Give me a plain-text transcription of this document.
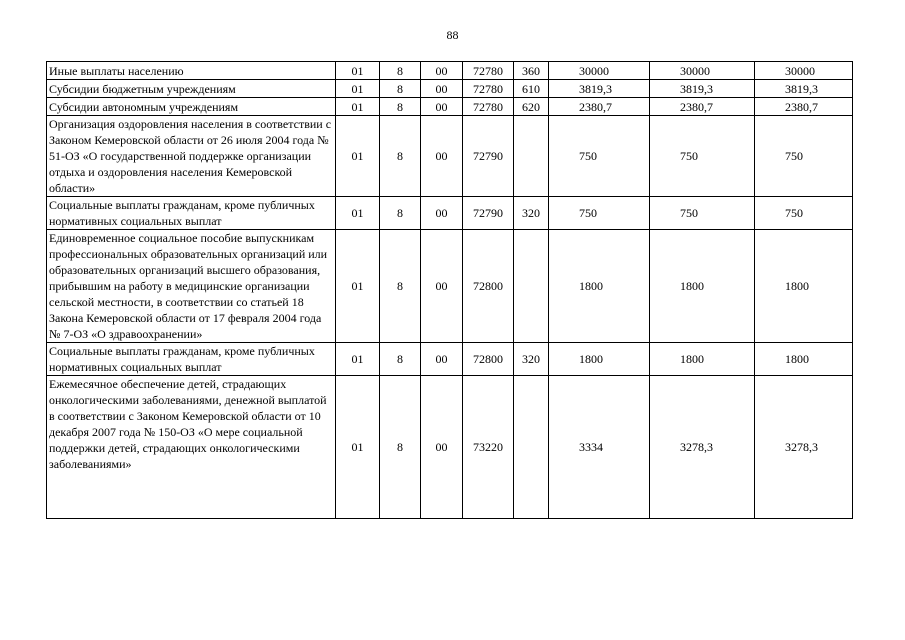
88
Иные выплаты населению	01	8	00	72780	360	30000	30000	30000
Субсидии бюджетным учреждениям	01	8	00	72780	610	3819,3	3819,3	3819,3
Субсидии автономным учреждениям	01	8	00	72780	620	2380,7	2380,7	2380,7
Организация оздоровления населения в соответствии с Законом Кемеровской области от 26 июля 2004 года № 51-ОЗ «О государственной поддержке организации отдыха и оздоровления населения Кемеровской области»	01	8	00	72790		750	750	750
Социальные выплаты гражданам, кроме публичных нормативных социальных выплат	01	8	00	72790	320	750	750	750
Единовременное социальное пособие выпускникам профессиональных образовательных организаций или образовательных организаций высшего образования, прибывшим на работу в медицинские организации сельской местности, в соответствии со статьей 18 Закона Кемеровской области от 17 февраля 2004 года № 7-ОЗ «О здравоохранении»	01	8	00	72800		1800	1800	1800
Социальные выплаты гражданам, кроме публичных нормативных социальных выплат	01	8	00	72800	320	1800	1800	1800
Ежемесячное обеспечение детей, страдающих онкологическими заболеваниями, денежной выплатой в соответствии с Законом Кемеровской области от 10 декабря 2007 года № 150-ОЗ «О мере социальной поддержки детей, страдающих онкологическими заболеваниями»	01	8	00	73220		3334	3278,3	3278,3
